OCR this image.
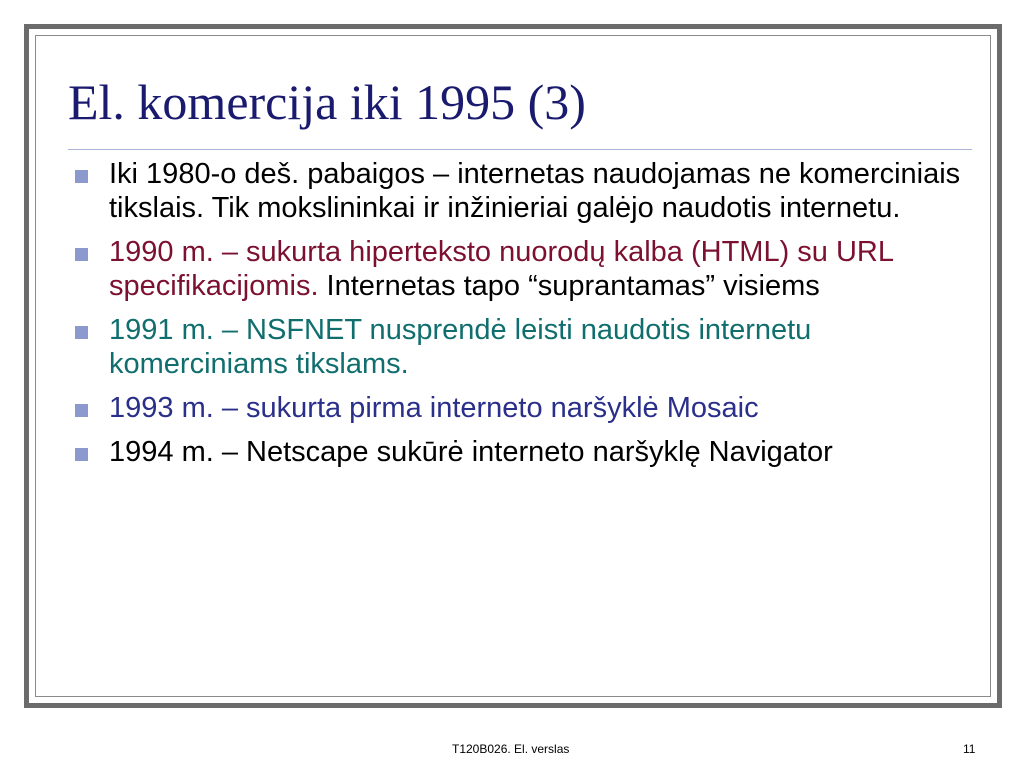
El. komercija iki 1995 (3)
Iki 1980-o deš. pabaigos – internetas naudojamas ne komerciniais tikslais. Tik mokslininkai ir inžinieriai galėjo naudotis internetu.
1990 m. – sukurta hiperteksto nuorodų kalba (HTML) su URL specifikacijomis. Internetas tapo “suprantamas” visiems
1991 m. – NSFNET nusprendė leisti naudotis internetu komerciniams tikslams.
1993 m. – sukurta pirma interneto naršyklė Mosaic
1994 m. – Netscape sukūrė interneto naršyklę Navigator
T120B026. El. verslas	11
